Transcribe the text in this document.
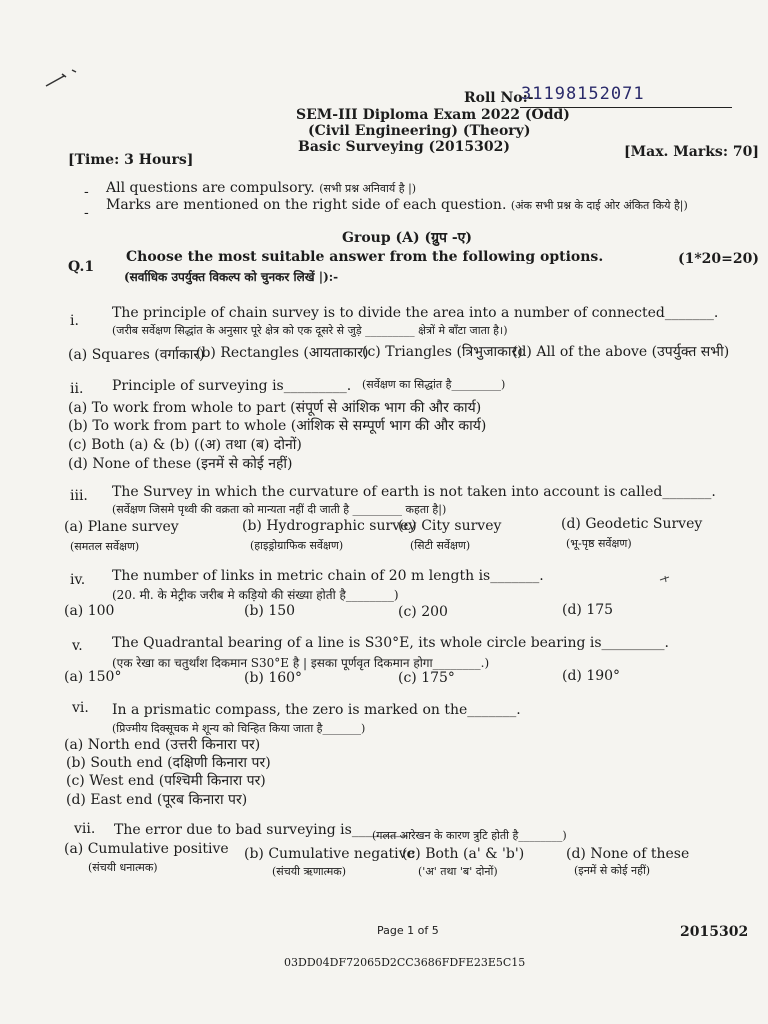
Roll No:-
31198152071
SEM-III Diploma Exam 2022 (Odd)
(Civil Engineering) (Theory)
Basic Surveying (2015302)
[Time: 3 Hours]	[Max. Marks: 70]
- All questions are compulsory. (सभी प्रश्न अनिवार्य है |)
- Marks are mentioned on the right side of each question. (अंक सभी प्रश्न के दाई ओर अंकित किये है|)
Group (A) (ग्रुप -ए)
Q.1
Choose the most suitable answer from the following options.
(सर्वाधिक उपर्युक्त विकल्प को चुनकर लिखें |):-
(1*20=20)
i. The principle of chain survey is to divide the area into a number of connected_______.
(जरीब सर्वेक्षण सिद्धांत के अनुसार पूरे क्षेत्र को एक दूसरे से जुड़े _________ क्षेत्रों मे बाँटा जाता है।)
(a) Squares (वर्गाकार)
(b) Rectangles (आयताकार)
(c) Triangles (त्रिभुजाकार)
(d) All of the above (उपर्युक्त सभी)
ii. Principle of surveying is_________. (सर्वेक्षण का सिद्धांत है_________)
(a) To work from whole to part (संपूर्ण से आंशिक भाग की और कार्य)
(b) To work from part to whole (आंशिक से सम्पूर्ण भाग की और कार्य)
(c) Both (a) & (b) ((अ) तथा (ब) दोनों)
(d) None of these (इनमें से कोई नहीं)
iii. The Survey in which the curvature of earth is not taken into account is called_______.
(सर्वेक्षण जिसमे पृथ्वी की वक्रता को मान्यता नहीं दी जाती है _________ कहता है|)
(a) Plane survey	(b) Hydrographic survey
(c) City survey	(d) Geodetic Survey
(समतल सर्वेक्षण)	(हाइड्रोग्राफिक सर्वेक्षण)	(सिटी सर्वेक्षण)	(भू-पृष्ठ सर्वेक्षण)
iv. The number of links in metric chain of 20 m length is_______.
(20. मी. के मेट्रीक जरीब मे कड़ियो की संख्या होती है________)
(a) 100	(b) 150	(c) 200	(d) 175
v. The Quadrantal bearing of a line is S30°E, its whole circle bearing is_________.
(एक रेखा का चतुर्थांश दिकमान S30°E है | इसका पूर्णवृत दिकमान होगा________.)
(a) 150°	(b) 160°	(c) 175°	(d) 190°
vi. In a prismatic compass, the zero is marked on the_______.
(प्रिज्मीय दिक्सूचक मे शून्य को चिन्हित किया जाता है_______)
(a) North end (उत्तरी किनारा पर)
(b) South end (दक्षिणी किनारा पर)
(c) West end (पश्चिमी किनारा पर)
(d) East end (पूरब किनारा पर)
vii. The error due to bad surveying is________.
(गलत आरेखन के कारण त्रुटि होती है________)
(a) Cumulative positive (b) Cumulative negative
(c) Both (a' & 'b')	(d) None of these
(संचयी धनात्मक)	(संचयी ऋणात्मक)	('अ' तथा 'ब' दोनों)	(इनमें से कोई नहीं)
Page 1 of 5	2015302
03DD04DF72065D2CC3686FDFE23E5C15
